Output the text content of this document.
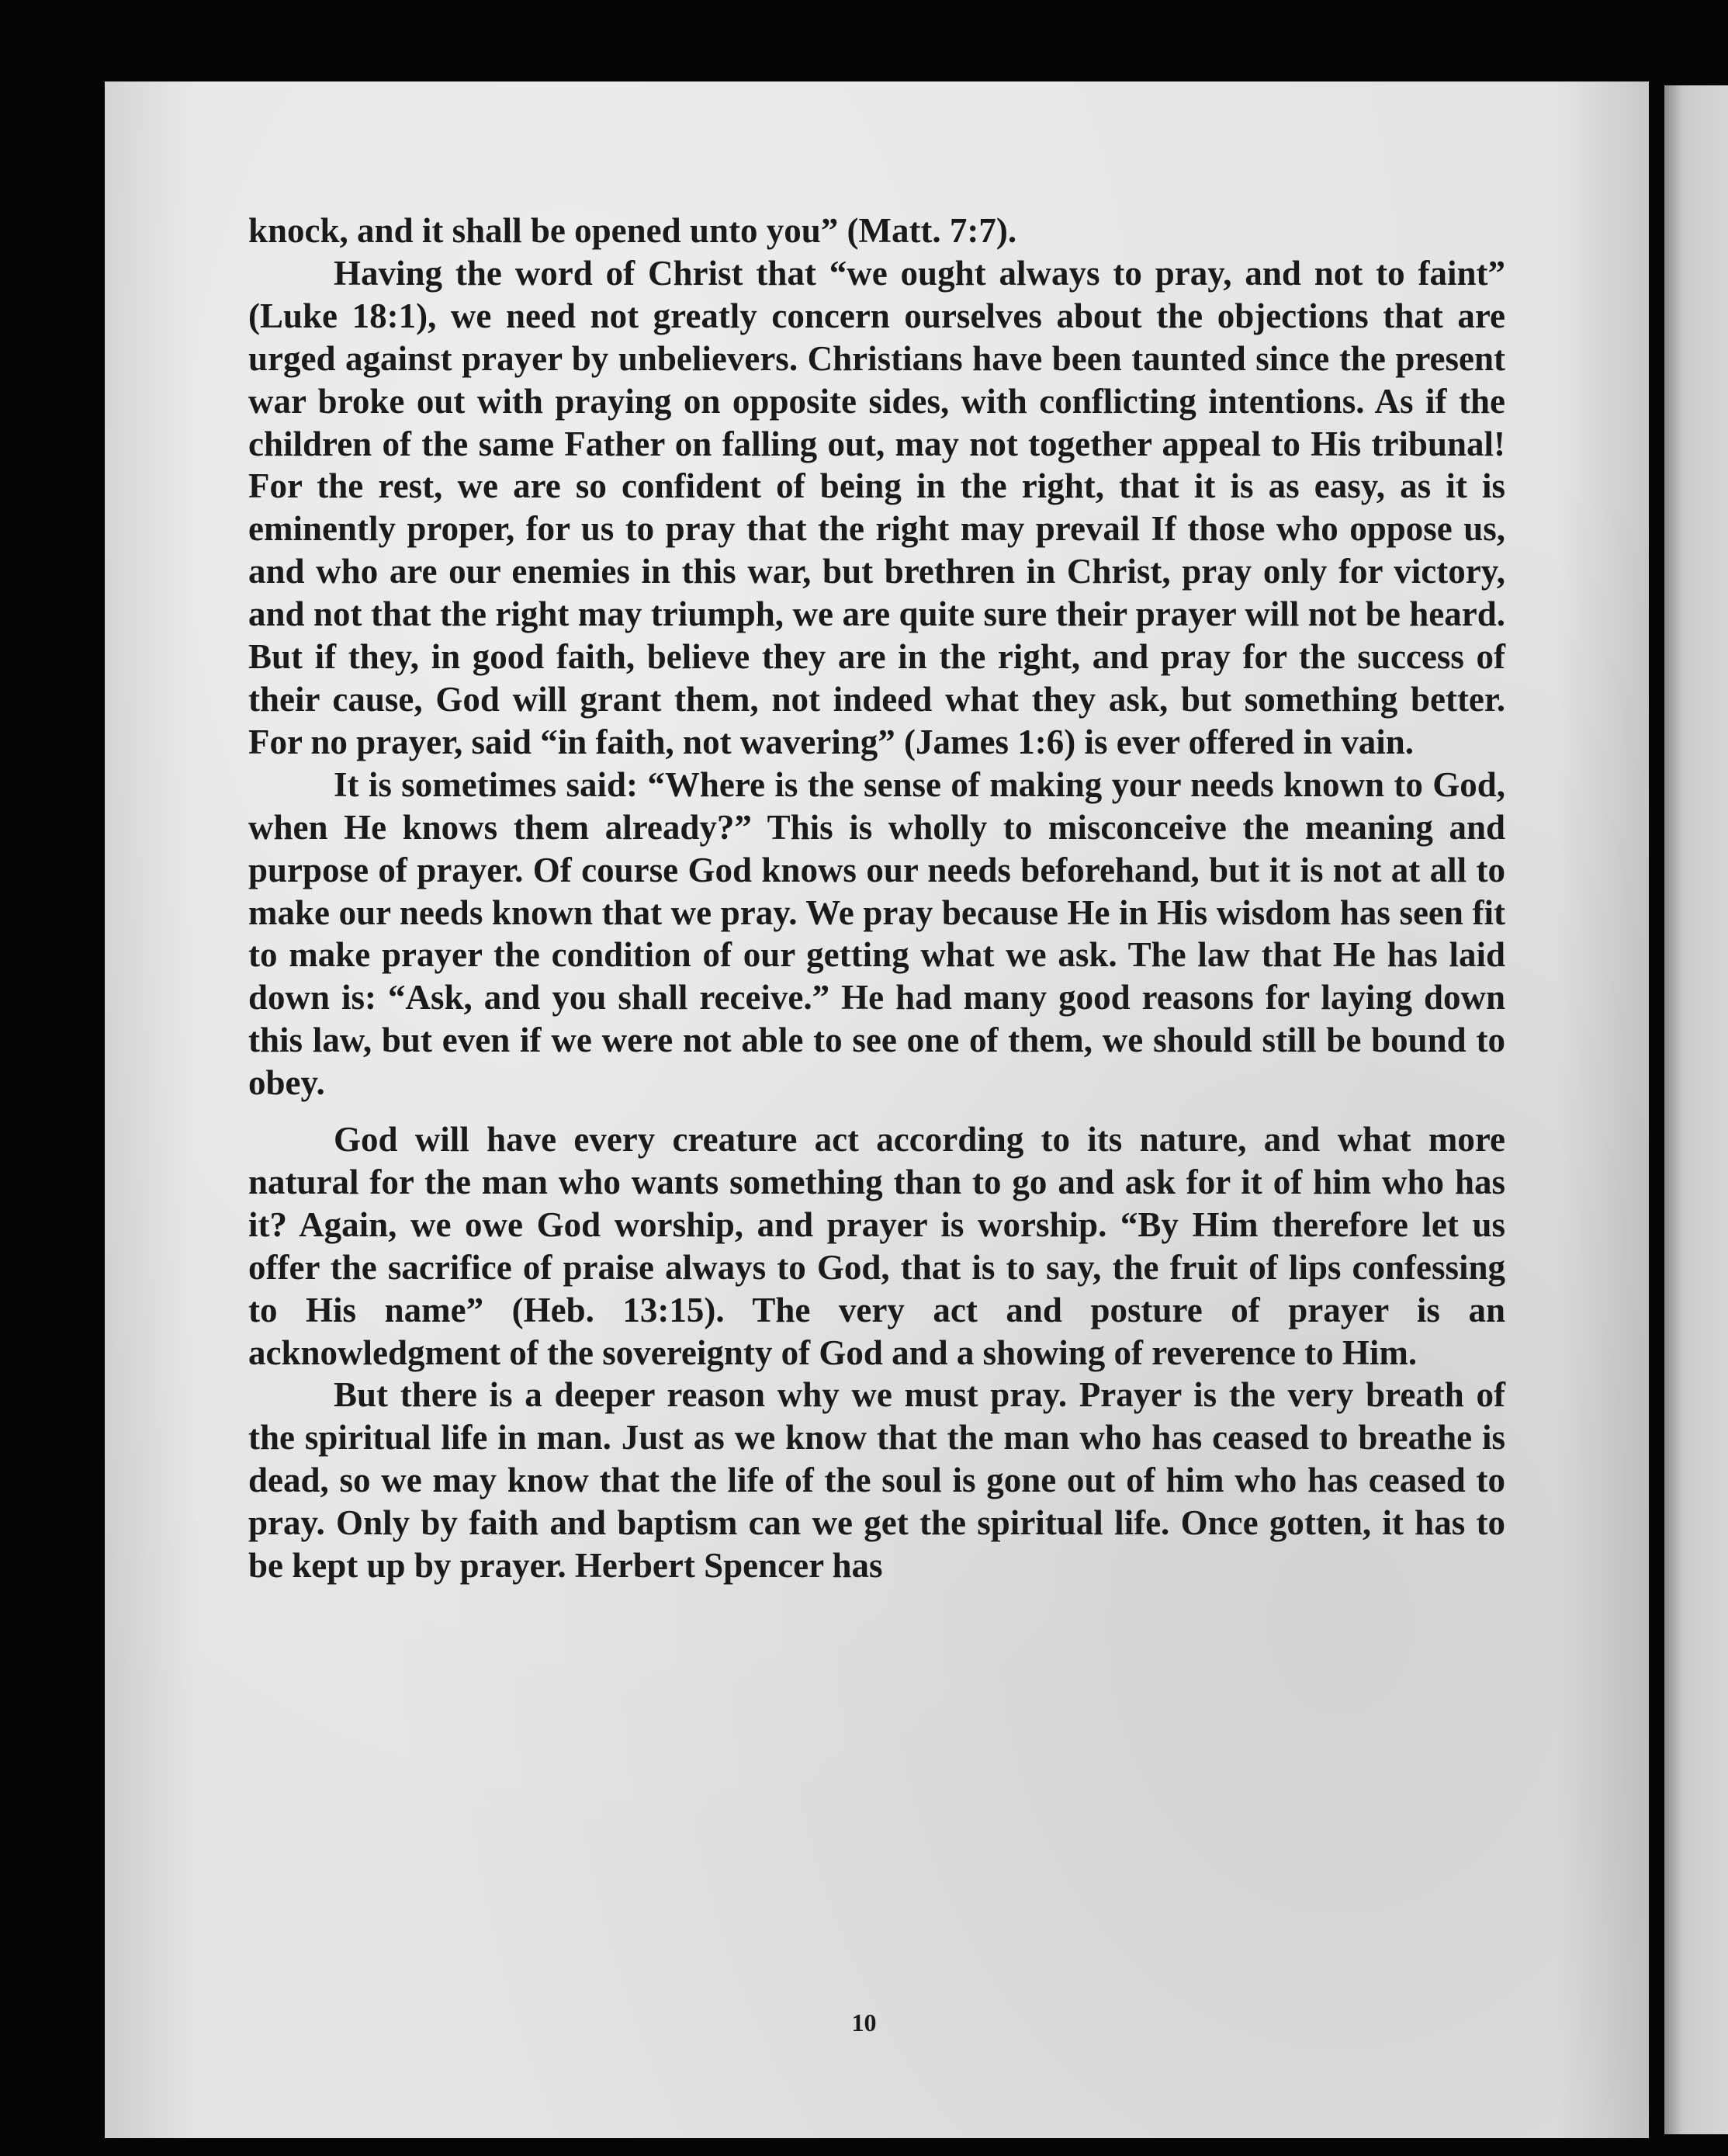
knock, and it shall be opened unto you” (Matt. 7:7).

Having the word of Christ that “we ought always to pray, and not to faint” (Luke 18:1), we need not greatly concern ourselves about the objections that are urged against prayer by unbelievers. Christians have been taunted since the present war broke out with praying on opposite sides, with conflicting intentions. As if the children of the same Father on falling out, may not together appeal to His tribunal! For the rest, we are so confident of being in the right, that it is as easy, as it is eminently proper, for us to pray that the right may prevail If those who oppose us, and who are our enemies in this war, but brethren in Christ, pray only for victory, and not that the right may triumph, we are quite sure their prayer will not be heard. But if they, in good faith, believe they are in the right, and pray for the success of their cause, God will grant them, not indeed what they ask, but something better. For no prayer, said “in faith, not wavering” (James 1:6) is ever offered in vain.

It is sometimes said: “Where is the sense of making your needs known to God, when He knows them already?” This is wholly to misconceive the meaning and purpose of prayer. Of course God knows our needs beforehand, but it is not at all to make our needs known that we pray. We pray because He in His wisdom has seen fit to make prayer the condition of our getting what we ask. The law that He has laid down is: “Ask, and you shall receive.” He had many good reasons for laying down this law, but even if we were not able to see one of them, we should still be bound to obey.

God will have every creature act according to its nature, and what more natural for the man who wants something than to go and ask for it of him who has it? Again, we owe God worship, and prayer is worship. “By Him therefore let us offer the sacrifice of praise always to God, that is to say, the fruit of lips confessing to His name” (Heb. 13:15). The very act and posture of prayer is an acknowledgment of the sovereignty of God and a showing of reverence to Him.

But there is a deeper reason why we must pray. Prayer is the very breath of the spiritual life in man. Just as we know that the man who has ceased to breathe is dead, so we may know that the life of the soul is gone out of him who has ceased to pray. Only by faith and baptism can we get the spiritual life. Once gotten, it has to be kept up by prayer. Herbert Spencer has

10
